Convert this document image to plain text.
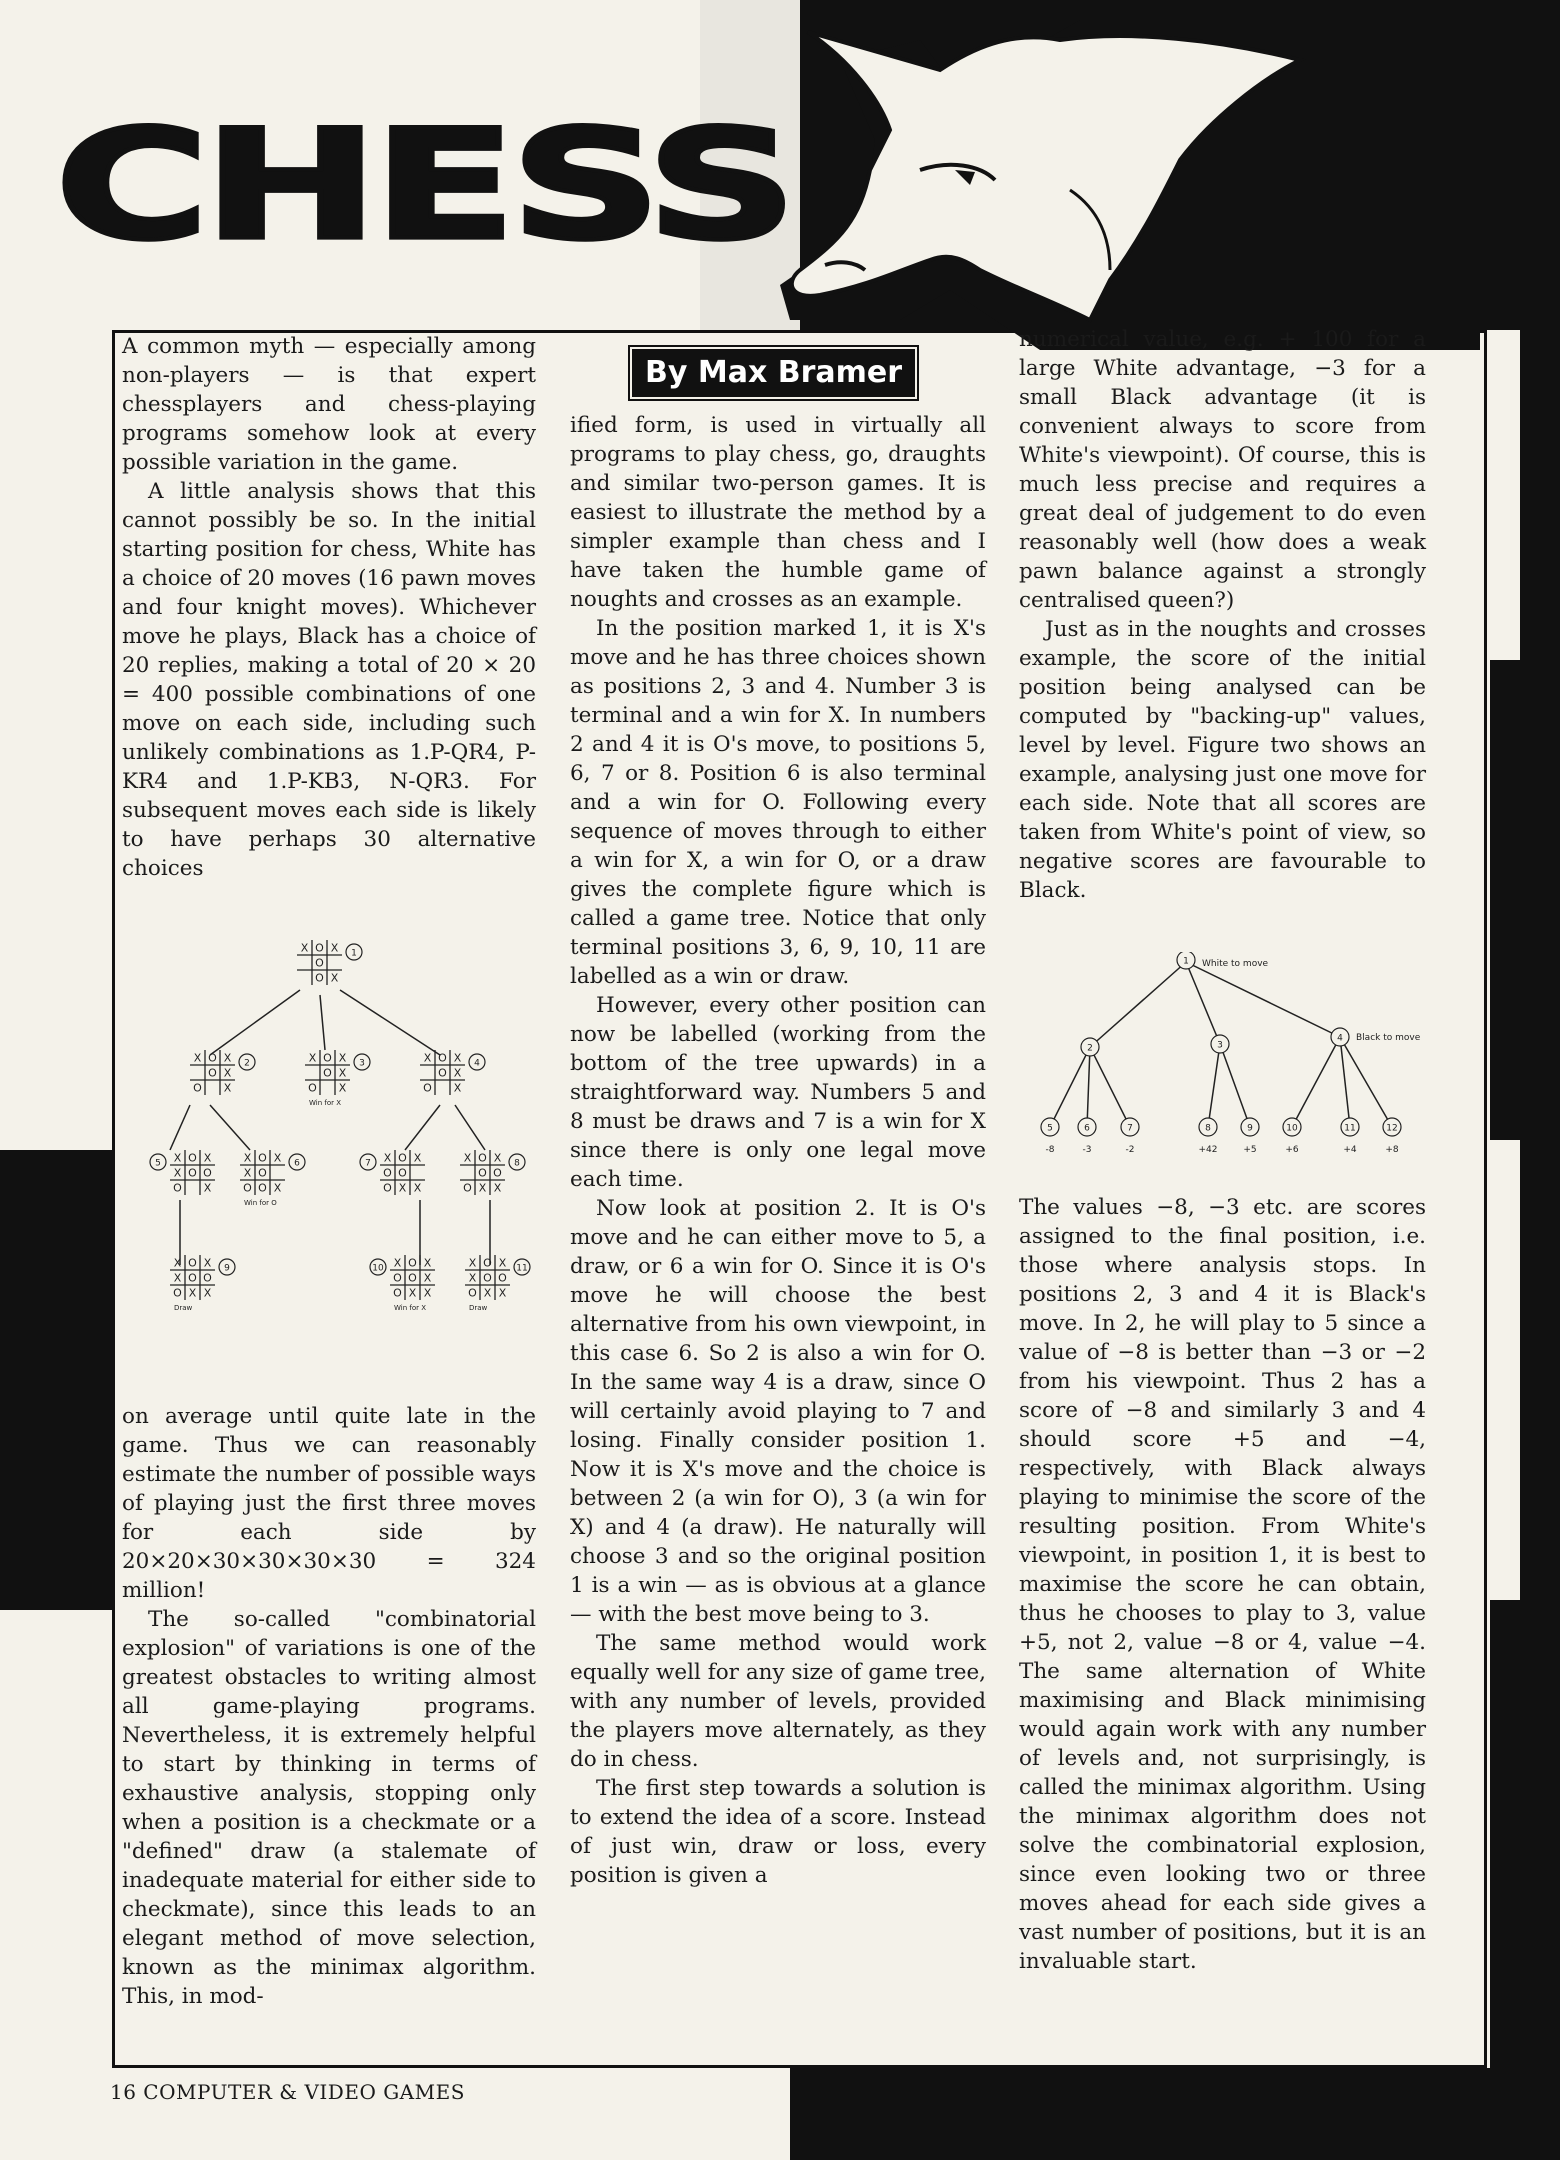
CHESS
By Max Bramer

A common myth — especially among non-players — is that expert chessplayers and chess-playing programs somehow look at every possible variation in the game.

A little analysis shows that this cannot possibly be so. In the initial starting position for chess, White has a choice of 20 moves (16 pawn moves and four knight moves). Whichever move he plays, Black has a choice of 20 replies, making a total of 20 × 20 = 400 possible combinations of one move on each side, including such unlikely combinations as 1.P-QR4, P-KR4 and 1.P-KB3, N-QR3. For subsequent moves each side is likely to have perhaps 30 alternative choices

X O X
O
O X
1
X O X
O X
O X
2	X O X
O X
O X
3
Win for X
X O X
O X
O X
4
X O X
X O O
O X
5	X O X
X O
O O X
6
Win for O
X O X
O O
O X X
7	X O X
O O
O X X
8
X O X
X O O
O X X
9
Draw
X O X
O O X
O X X
10
Win for X
X O X
X O O
O X X
11
Draw

on average until quite late in the game. Thus we can reasonably estimate the number of possible ways of playing just the first three moves for each side by 20×20×30×30×30×30 = 324 million!

The so-called "combinatorial explosion" of variations is one of the greatest obstacles to writing almost all game-playing programs. Nevertheless, it is extremely helpful to start by thinking in terms of exhaustive analysis, stopping only when a position is a checkmate or a "defined" draw (a stalemate of inadequate material for either side to checkmate), since this leads to an elegant method of move selection, known as the minimax algorithm. This, in mod-

ified form, is used in virtually all programs to play chess, go, draughts and similar two-person games. It is easiest to illustrate the method by a simpler example than chess and I have taken the humble game of noughts and crosses as an example.

In the position marked 1, it is X's move and he has three choices shown as positions 2, 3 and 4. Number 3 is terminal and a win for X. In numbers 2 and 4 it is O's move, to positions 5, 6, 7 or 8. Position 6 is also terminal and a win for O. Following every sequence of moves through to either a win for X, a win for O, or a draw gives the complete figure which is called a game tree. Notice that only terminal positions 3, 6, 9, 10, 11 are labelled as a win or draw.

However, every other position can now be labelled (working from the bottom of the tree upwards) in a straightforward way. Numbers 5 and 8 must be draws and 7 is a win for X since there is only one legal move each time.

Now look at position 2. It is O's move and he can either move to 5, a draw, or 6 a win for O. Since it is O's move he will choose the best alternative from his own viewpoint, in this case 6. So 2 is also a win for O. In the same way 4 is a draw, since O will certainly avoid playing to 7 and losing. Finally consider position 1. Now it is X's move and the choice is between 2 (a win for O), 3 (a win for X) and 4 (a draw). He naturally will choose 3 and so the original position 1 is a win — as is obvious at a glance — with the best move being to 3.

The same method would work equally well for any size of game tree, with any number of levels, provided the players move alternately, as they do in chess.

The first step towards a solution is to extend the idea of a score. Instead of just win, draw or loss, every position is given a

numerical value, e.g. + 100 for a large White advantage, −3 for a small Black advantage (it is convenient always to score from White's viewpoint). Of course, this is much less precise and requires a great deal of judgement to do even reasonably well (how does a weak pawn balance against a strongly centralised queen?)

Just as in the noughts and crosses example, the score of the initial position being analysed can be computed by "backing-up" values, level by level. Figure two shows an example, analysing just one move for each side. Note that all scores are taken from White's point of view, so negative scores are favourable to Black.

1
2	3
4
5	6	7	8	9	10	11	12
-8	-3	-2	+42	+5	+6	+4	+8
White to move
Black to move

The values −8, −3 etc. are scores assigned to the final position, i.e. those where analysis stops. In positions 2, 3 and 4 it is Black's move. In 2, he will play to 5 since a value of −8 is better than −3 or −2 from his viewpoint. Thus 2 has a score of −8 and similarly 3 and 4 should score +5 and −4, respectively, with Black always playing to minimise the score of the resulting position. From White's viewpoint, in position 1, it is best to maximise the score he can obtain, thus he chooses to play to 3, value +5, not 2, value −8 or 4, value −4. The same alternation of White maximising and Black minimising would again work with any number of levels and, not surprisingly, is called the minimax algorithm. Using the minimax algorithm does not solve the combinatorial explosion, since even looking two or three moves ahead for each side gives a vast number of positions, but it is an invaluable start.

16 COMPUTER & VIDEO GAMES
